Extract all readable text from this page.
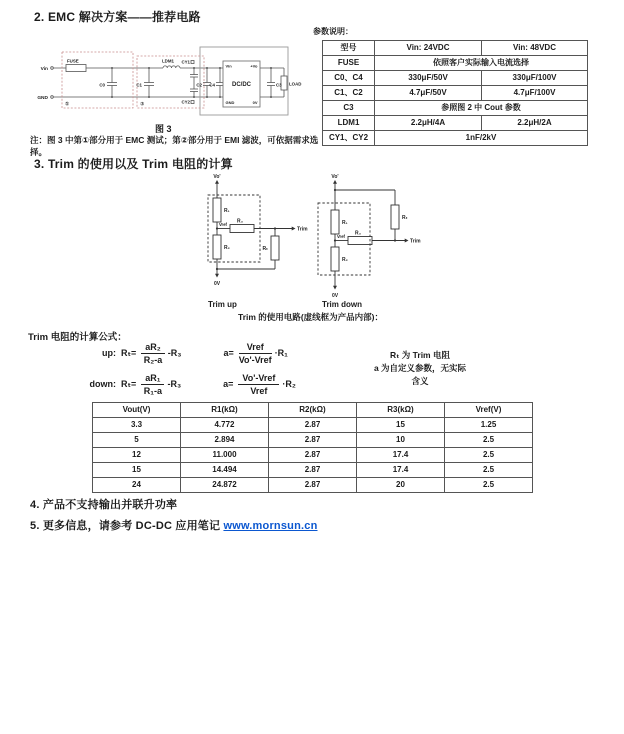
2. EMC 解决方案——推荐电路
Vin
GND
FUSE
C0	C1
LDM1 CY1
CY2
C2 C4	DC/DC
Vin	+Vo
GND	0V
C3 LOAD
①	②
图 3
注：图 3 中第①部分用于 EMC 测试；第②部分用于 EMI 滤波，可依据需求选择。
参数说明：
型号	Vin: 24VDC	Vin: 48VDC
FUSE	依照客户实际输入电流选择	
C0、C4	330μF/50V	330μF/100V
C1、C2	4.7μF/50V	4.7μF/100V
C3	参照图 2 中 Cout 参数	
LDM1	2.2μH/4A	2.2μH/2A
CY1、CY2	1nF/2kV	
3. Trim 的使用以及 Trim 电阻的计算
Vo'
R₁
Vref R₃
Trim
R₂	Rₜ
0V
Vo'
R₁
Vref R₃
Trim
R₂
Rₜ
0V
Trim up	Trim down
Trim 的使用电路(虚线框为产品内部)：
Trim 电阻的计算公式：
up: $R_t= \frac{\text{aR₂}}{\text{R₂-a}} -R_3$	$a= \frac{\text{Vref}}{\text{Vo'-Vref}} \cdot R_1$
down: $R_t= \frac{\text{aR₁}}{\text{R₁-a}} -R_3$	$a= \frac{\text{Vo'-Vref}}{\text{Vref}} \cdot R_2$
Rₜ 为 Trim 电阻
a 为自定义参数，无实际含义
Vout(V)	R1(kΩ)	R2(kΩ)	R3(kΩ)	Vref(V)
3.3	4.772	2.87	15	1.25
5	2.894	2.87	10	2.5
12	11.000	2.87	17.4	2.5
15	14.494	2.87	17.4	2.5
24	24.872	2.87	20	2.5
4. 产品不支持输出并联升功率
5. 更多信息，请参考 DC-DC 应用笔记 www.mornsun.cn
